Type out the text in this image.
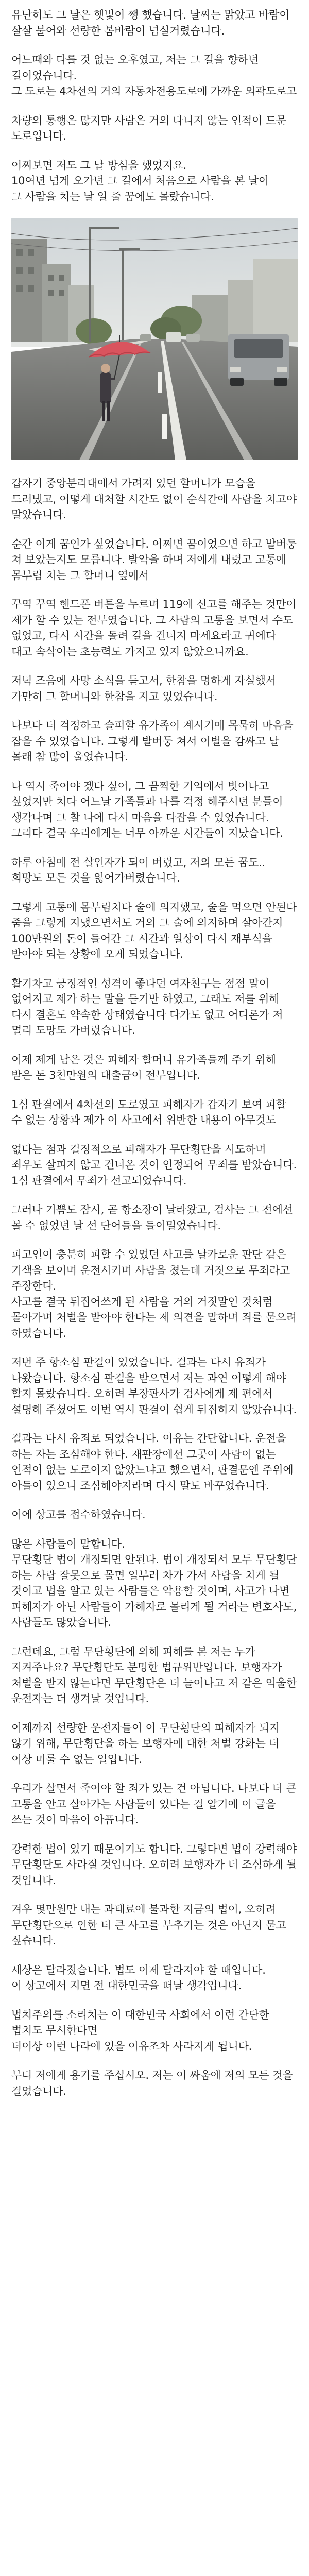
유난히도 그 날은 햇빛이 쨍 했습니다. 날씨는 맑았고 바람이 살살 불어와 선량한 봄바람이 넘실거렸습니다.

어느때와 다를 것 없는 오후였고, 저는 그 길을 향하던 길이었습니다.
그 도로는 4차선의 거의 자동차전용도로에 가까운 외곽도로고

차량의 통행은 많지만 사람은 거의 다니지 않는 인적이 드문 도로입니다.

어찌보면 저도 그 날 방심을 했었지요.
10여년 넘게 오가던 그 길에서 처음으로 사람을 본 날이
그 사람을 치는 날 일 줄 꿈에도 몰랐습니다.

갑자기 중앙분리대에서 가려져 있던 할머니가 모습을 드러냈고, 어떻게 대처할 시간도 없이 순식간에 사람을 치고야 말았습니다.

순간 이게 꿈인가 싶었습니다. 어쩌면 꿈이었으면 하고 발버둥 쳐 보았는지도 모릅니다. 발악을 하며 저에게 내렸고 고통에 몸부림 치는 그 할머니 옆에서

꾸역 꾸역 핸드폰 버튼을 누르며 119에 신고를 해주는 것만이 제가 할 수 있는 전부였습니다. 그 사람의 고통을 보면서 수도 없었고, 다시 시간을 돌려 길을 건너지 마세요라고 귀에다 대고 속삭이는 초능력도 가지고 있지 않았으니까요.

저녁 즈음에 사망 소식을 듣고서, 한참을 멍하게 자실했서 가만히 그 할머니와 한참을 지고 있었습니다.

나보다 더 걱정하고 슬퍼할 유가족이 계시기에 목묵히 마음을 잡을 수 있었습니다. 그렇게 발버둥 쳐서 이별을 감싸고 날 몰래 참 많이 울었습니다.

나 역시 죽어야 겠다 싶어, 그 끔찍한 기억에서 벗어나고 싶었지만 치다 어느날 가족들과 나를 걱정 해주시던 분들이 생각나며 그 찰 나에 다시 마음을 다잡을 수 있었습니다. 그리다 결국 우리에게는 너무 아까운 시간들이 지났습니다.

하루 아침에 전 살인자가 되어 버렸고, 저의 모든 꿈도.. 희망도 모든 것을 잃어가버렸습니다.

그렇게 고통에 몸부림치다 술에 의지했고, 술을 먹으면 안된다 줌을 그렇게 지냈으면서도 거의 그 술에 의지하며 살아간지 100만원의 돈이 들어간 그 시간과 일상이 다시 재부식을 받아야 되는 상황에 오게 되었습니다.

활기차고 긍정적인 성격이 좋다던 여자친구는 점점 말이 없어지고 제가 하는 말을 듣기만 하였고, 그래도 저를 위해 다시 결혼도 약속한 상태였습니다 다가도 없고 어디론가 저 멀리 도망도 가버렸습니다.

이제 제게 남은 것은 피해자 할머니 유가족들께 주기 위해 받은 돈 3천만원의 대출금이 전부입니다.

1심 판결에서 4차선의 도로였고 피해자가 갑자기 보여 피할 수 없는 상황과 제가 이 사고에서 위반한 내용이 아무것도

없다는 점과 결정적으로 피해자가 무단횡단을 시도하며 죄우도 살피지 않고 건너온 것이 인정되어 무죄를 받았습니다.
1심 판결에서 무죄가 선고되었습니다.

그러나 기쁨도 잠시, 곧 항소장이 날라왔고, 검사는 그 전에선 볼 수 없었던 날 선 단어들을 들이밀었습니다.

피고인이 충분히 피할 수 있었던 사고를 날카로운 판단 같은 기색을 보이며 운전시키며 사람을 쳤는데 거짓으로 무죄라고 주장한다.
사고를 결국 뒤집어쓰게 된 사람을 거의 거짓말인 것처럼 몰아가며 처벌을 받아야 한다는 제 의견을 말하며 죄를 묻으려 하였습니다.

저번 주 항소심 판결이 있었습니다. 결과는 다시 유죄가 나왔습니다. 항소심 판결을 받으면서 저는 과연 어떻게 해야 할지 몰랐습니다. 오히려 부장판사가 검사에게 제 편에서 설명해 주셨어도 이번 역시 판결이 쉽게 뒤집히지 않았습니다.

결과는 다시 유죄로 되었습니다. 이유는 간단합니다. 운전을 하는 자는 조심해야 한다. 재판장에선 그곳이 사람이 없는 인적이 없는 도로이지 않았느냐고 했으면서, 판결문엔 주위에 아들이 있으니 조심해야지라며 다시 말도 바꾸었습니다.

이에 상고를 접수하였습니다.

많은 사람들이 말합니다.
무단횡단 법이 개정되면 안된다. 법이 개정되서 모두 무단횡단 하는 사람 잘못으로 몰면 일부러 차가 가서 사람을 치게 될 것이고 법을 알고 있는 사람들은 악용할 것이며, 사고가 나면 피해자가 아닌 사람들이 가해자로 몰리게 될 거라는 변호사도, 사람들도 많았습니다.

그런데요, 그럼 무단횡단에 의해 피해를 본 저는 누가 지켜주나요? 무단횡단도 분명한 법규위반입니다. 보행자가 처벌을 받지 않는다면 무단횡단은 더 늘어나고 저 같은 억울한 운전자는 더 생겨날 것입니다.

이제까지 선량한 운전자들이 이 무단횡단의 피해자가 되지 않기 위해, 무단횡단을 하는 보행자에 대한 처벌 강화는 더 이상 미룰 수 없는 일입니다.

우리가 살면서 죽어야 할 죄가 있는 건 아닙니다. 나보다 더 큰 고통을 안고 살아가는 사람들이 있다는 걸 알기에 이 글을 쓰는 것이 마음이 아픕니다.

강력한 법이 있기 때문이기도 합니다. 그렇다면 법이 강력해야 무단횡단도 사라질 것입니다. 오히려 보행자가 더 조심하게 될 것입니다.

겨우 몇만원만 내는 과태료에 불과한 지금의 법이, 오히려 무단횡단으로 인한 더 큰 사고를 부추기는 것은 아닌지 묻고 싶습니다.

세상은 달라졌습니다. 법도 이제 달라져야 할 때입니다.
이 상고에서 지면 전 대한민국을 떠날 생각입니다.

법치주의를 소리치는 이 대한민국 사회에서 이런 간단한 법치도 무시한다면
더이상 이런 나라에 있을 이유조차 사라지게 됩니다.

부디 저에게 용기를 주십시오. 저는 이 싸움에 저의 모든 것을 걸었습니다.
